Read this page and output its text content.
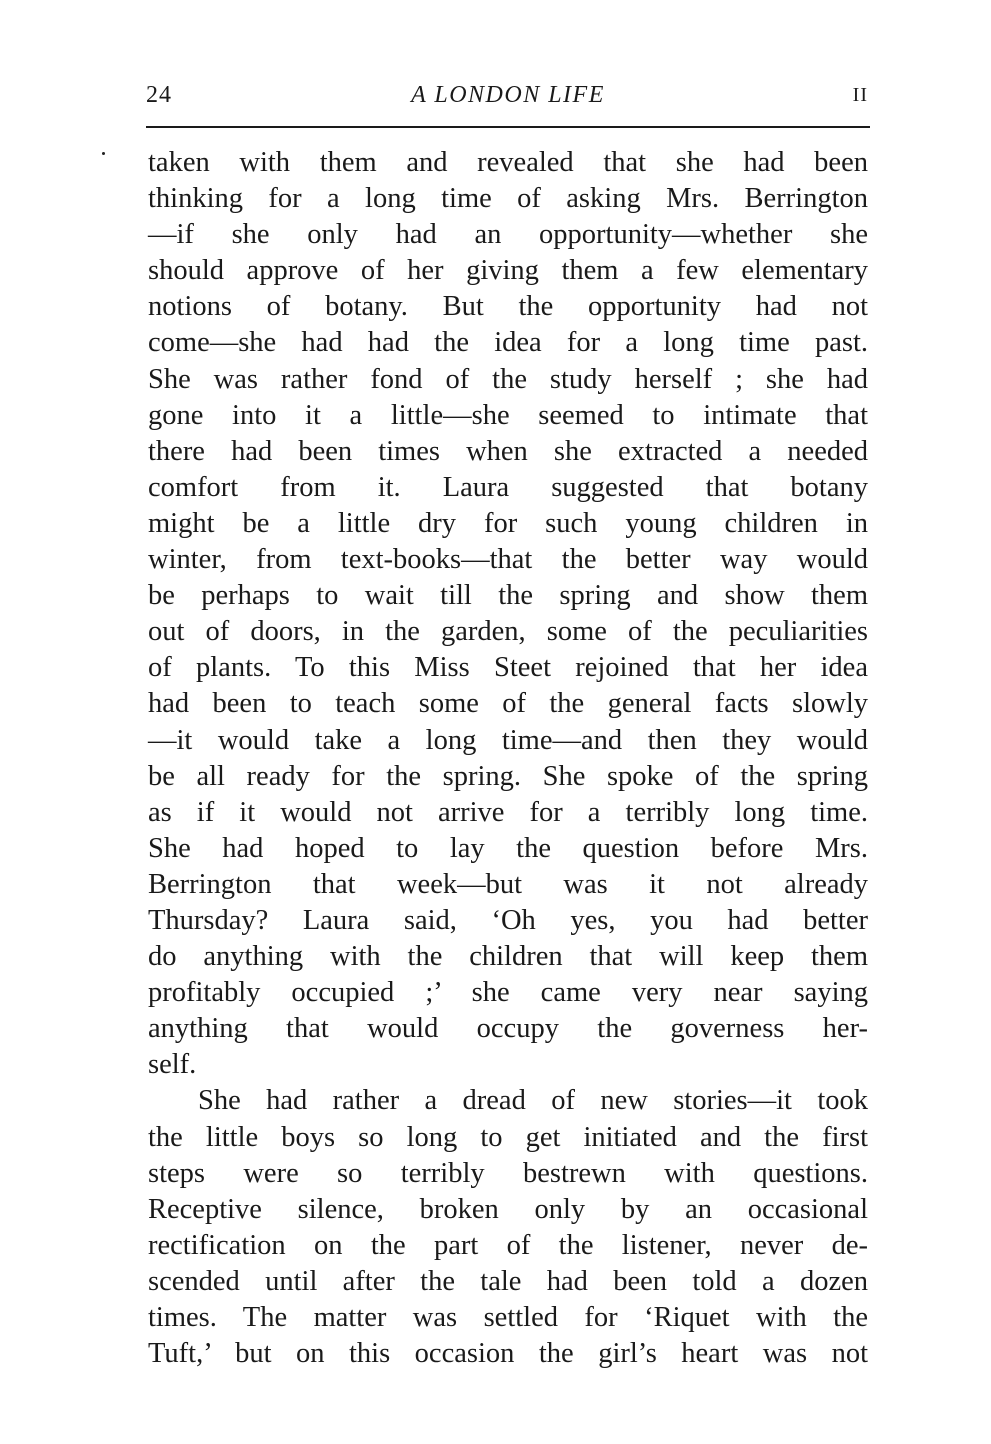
24	A LONDON LIFE	II
taken with them and revealed that she had been
thinking for a long time of asking Mrs. Berrington
—if she only had an opportunity—whether she
should approve of her giving them a few elementary
notions of botany. But the opportunity had not
come—she had had the idea for a long time past.
She was rather fond of the study herself ; she had
gone into it a little—she seemed to intimate that
there had been times when she extracted a needed
comfort from it. Laura suggested that botany
might be a little dry for such young children in
winter, from text-books—that the better way would
be perhaps to wait till the spring and show them
out of doors, in the garden, some of the peculiarities
of plants. To this Miss Steet rejoined that her idea
had been to teach some of the general facts slowly
—it would take a long time—and then they would
be all ready for the spring. She spoke of the spring
as if it would not arrive for a terribly long time.
She had hoped to lay the question before Mrs.
Berrington that week—but was it not already
Thursday? Laura said, ‘Oh yes, you had better
do anything with the children that will keep them
profitably occupied ;’ she came very near saying
anything that would occupy the governess her-
self.
She had rather a dread of new stories—it took
the little boys so long to get initiated and the first
steps were so terribly bestrewn with questions.
Receptive silence, broken only by an occasional
rectification on the part of the listener, never de-
scended until after the tale had been told a dozen
times. The matter was settled for ‘Riquet with the
Tuft,’ but on this occasion the girl’s heart was not
